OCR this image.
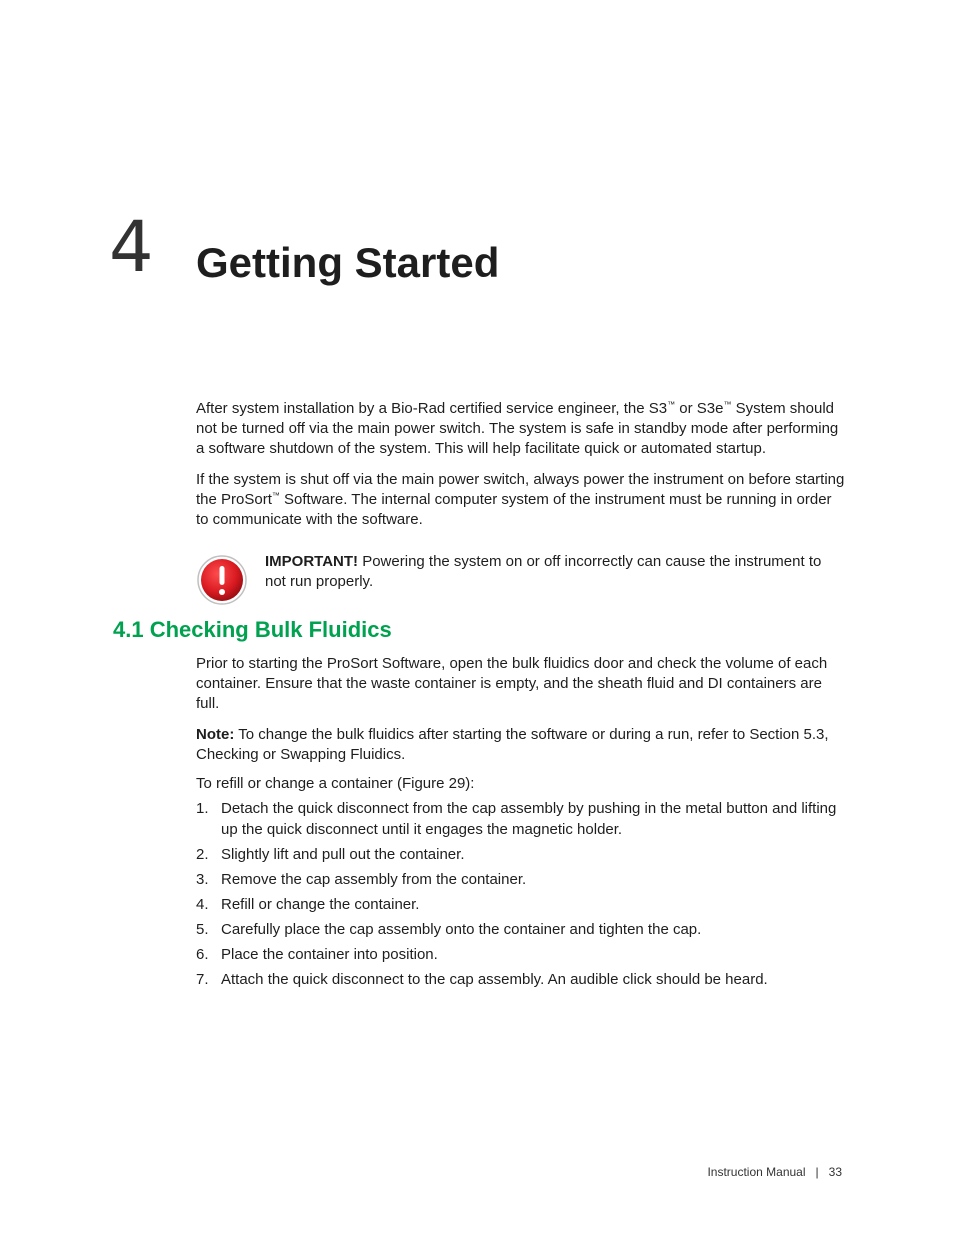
4 Getting Started

After system installation by a Bio-Rad certified service engineer, the S3™ or S3e™ System should not be turned off via the main power switch. The system is safe in standby mode after performing a software shutdown of the system. This will help facilitate quick or automated startup.

If the system is shut off via the main power switch, always power the instrument on before starting the ProSort™ Software. The internal computer system of the instrument must be running in order to communicate with the software.

IMPORTANT! Powering the system on or off incorrectly can cause the instrument to not run properly.

4.1 Checking Bulk Fluidics

Prior to starting the ProSort Software, open the bulk fluidics door and check the volume of each container. Ensure that the waste container is empty, and the sheath fluid and DI containers are full.

Note: To change the bulk fluidics after starting the software or during a run, refer to Section 5.3, Checking or Swapping Fluidics.

To refill or change a container (Figure 29):

1. Detach the quick disconnect from the cap assembly by pushing in the metal button and lifting up the quick disconnect until it engages the magnetic holder.
2. Slightly lift and pull out the container.
3. Remove the cap assembly from the container.
4. Refill or change the container.
5. Carefully place the cap assembly onto the container and tighten the cap.
6. Place the container into position.
7. Attach the quick disconnect to the cap assembly. An audible click should be heard.
Instruction Manual | 33
